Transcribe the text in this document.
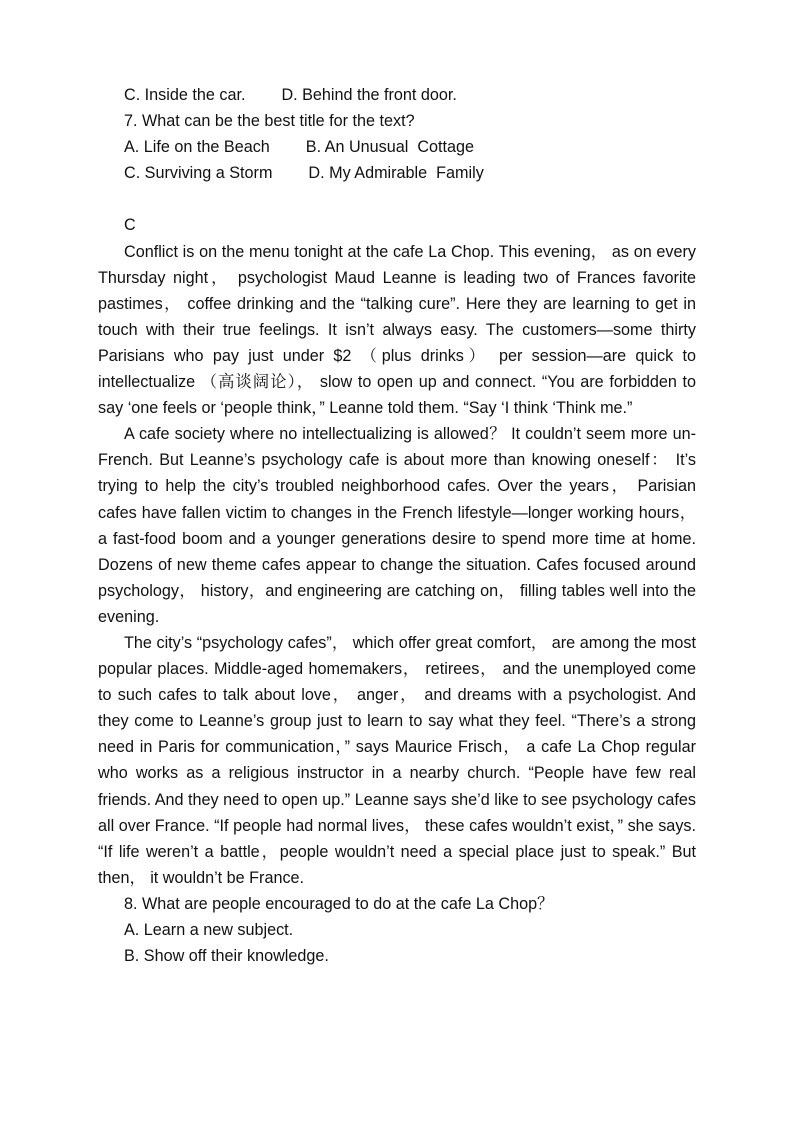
C. Inside the car.        D. Behind the front door.

7. What can be the best title for the text?

A. Life on the Beach        B. An Unusual  Cottage

C. Surviving a Storm        D. My Admirable  Family

C

Conflict is on the menu tonight at the cafe La Chop. This evening， as on every Thursday night， psychologist Maud Leanne is leading two of Frances favorite pastimes， coffee drinking and the “talking cure”. Here they are learning to get in touch with their true feelings. It isn’t always easy. The customers—some thirty Parisians who pay just under $2 （plus drinks） per session—are quick to intellectualize （高谈阔论）， slow to open up and connect. “You are forbidden to say ‘one feels or ‘people think，” Leanne told them. “Say ‘I think ‘Think me.”

A cafe society where no intellectualizing is allowed？ It couldn’t seem more un-French. But Leanne’s psychology cafe is about more than knowing oneself： It’s trying to help the city’s troubled neighborhood cafes. Over the years， Parisian cafes have fallen victim to changes in the French lifestyle—longer working hours， a fast-food boom and a younger generations desire to spend more time at home. Dozens of new theme cafes appear to change the situation. Cafes focused around psychology， history，and engineering are catching on， filling tables well into the evening.

The city’s “psychology cafes”， which offer great comfort， are among the most popular places. Middle-aged homemakers， retirees， and the unemployed come to such cafes to talk about love， anger， and dreams with a psychologist. And they come to Leanne’s group just to learn to say what they feel. “There’s a strong need in Paris for communication，” says Maurice Frisch， a cafe La Chop regular who works as a religious instructor in a nearby church. “People have few real friends. And they need to open up.” Leanne says she’d like to see psychology cafes all over France. “If people had normal lives， these cafes wouldn’t exist，” she says. “If life weren’t a battle，people wouldn’t need a special place just to speak.” But then， it wouldn’t be France.

8. What are people encouraged to do at the cafe La Chop？

A. Learn a new subject.

B. Show off their knowledge.
